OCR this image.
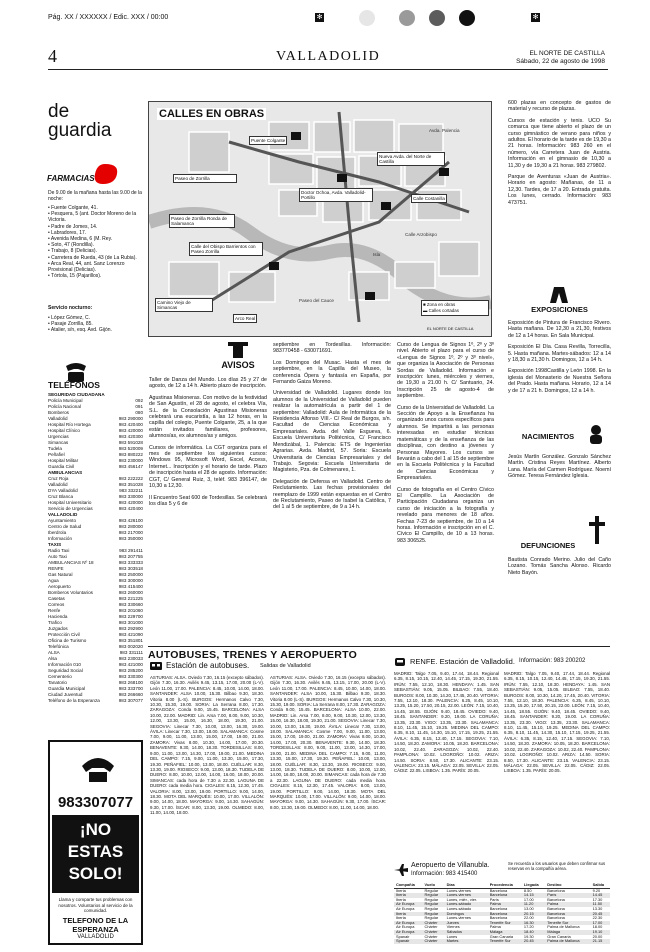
Pág. XX / XXXXXX / Edic. XXX / 00:00	✻	✻
4	VALLADOLID	EL NORTE DE CASTILLA
Sábado, 22 de agosto de 1998
de
guardia
FARMACIAS
De 9.00 de la mañana hasta las 9.00 de la noche:
• Fuente Colgante, 41.
• Pesquera, 5 (ant. Doctor Moreno de la Victoria.
• Padre de Jomes, 14.
• Labradores, 17.
• Avenida Medina, 6 (M. Rey.
• Soto, 47 (Rondilla).
• Trabajo, 8 (Delicias).
• Carretera de Rueda, 43 (de La Rubia).
• Arca Real, 44, ant. Sanz Lorenzo Provisional (Delicias).
• Tórtola, 15 (Pajarillos).
Servicio nocturno:
• López Gómez, C.
• Pasaje Zorrilla, 85.
• Atalier, s/n, esq. Avd. Gijón.
TELÉFONOS
SEGURIDAD CIUDADANA
Policía Municipal	092
Policía Nacional	091
Bomberos	080
Valladolid	983 290000
Hospital Río Hortega	983 420400
Hospital Clínico	983 420000
Urgencias	983 420300
Simancas	983 591028
Tudela	983 520009
Peñafiel	983 880222
Hospital Militar	983 230000
Guardia Civil	983 456147
AMBULANCIAS
Cruz Roja	983 222222
Valladolid	983 351028
DYA Valladolid	983 332211
Cruz Blanca	983 330000
Hospital Universitario	983 420000
Servicio de Urgencias	983 420400
VALLADOLID
Ayuntamiento	983 426100
Centro de Salud	983 280000
Iberdrola	983 217000
Información	983 350000
TAXIS
Radio Taxi	983 291411
Auto Taxi	983 207755
AMBULANCIAS Nº 18	983 333333
RENFE	983 303518
Gas Natural	983 250000
Agua	983 300000
Aeropuerto	983 415400
Bomberos Voluntarios	983 260000
Casetas	983 221225
Correos	983 330660
Renfe	983 201060
Hacienda	983 229700
Trafico	983 301000
Juzgados	983 292900
Protección Civil	983 421090
Oficina de Turismo	983 351801
Telefónica	983 002020
ALSA	983 331111
Alsa	983 230033
Información 010	983 421000
Seguridad Social	983 285200
Cementerio	983 330300
Tanatorio	983 268100
Guardia Municipal	983 333700
Ciudad Juventud	983 266660
Teléfono de la Esperanza	983 307077
983307077
¡NO
ESTAS
SOLO!
Llama y comparte tus problemas con nosotros. Voluntarios al servicio de la comunidad.
TELEFONO DE LA ESPERANZA
VALLADOLID
CALLES EN OBRAS
Puente Colgante
Paseo de Zorrilla
Doctor Ochoa, Avda. Valladolid-Portillo
Paseo de Zorrilla Ronda de Salamanca
Nueva Avda. del Norte de Castilla
Calle del Obispo Barrientos con Paseo Zorrilla
Calle Costanilla
Arco Real
Camino Viejo de Simancas
Isla
Paseo del Cauce
Avda. Palencia
Calle Arzobispo
■ Zona en obras
▬ Calles cortadas
EL NORTE DE CASTILLA
AVISOS

Taller de Danza del Mundo. Los días 25 y 27 de agosto, de 12 a 14 h. Abierto plazo de inscripción.

Agustinas Misioneras. Con motivo de la festividad de San Agustín, el 28 de agosto, el celebra Vía, S.L. de la Consolación Agustinas Misioneras celebrará una eucaristía, a las 12 horas, en la capilla del colegio, Puente Colgante, 25, a la que están invitados familiares, profesores, alumnos/as, ex alumnos/as y amigos.

Cursos de informática. La CGT organiza para el mes de septiembre los siguientes cursos: Windows 95, Microsoft Word, Excel, Access, Internet... Inscripción y el horario de tarde. Plazo de inscripción hasta el 28 de agosto. Información: CGT, C/ General Ruiz, 3, teléf. 983 396147, de 10,30 a 12,30.

II Encuentro Seat 600 de Tordesillas. Se celebrará los días 5 y 6 de

septiembre en Tordesillas. Información: 983770458 - 630071691.

Los Domingos del Musac. Hasta el mes de septiembre, en la Capilla del Museo, la conferencia Ópera y fantasía en España, por Fernando Gaiza Moreno.

Universidad de Valladolid. Lugares donde los alumnos de la Universidad de Valladolid pueden realizar la automatrícula a partir del 1 de septiembre: Valladolid: Aula de Informática de la Residencia Alfonso VIII.- C/ Real de Burgos, s/n. Facultad de Ciencias Económicas y Empresariales. Avda. del Valle Esgueva, 6. Escuela Universitaria Politécnica, C/ Francisco Mendizábal, 1. Palencia: ETS de Ingenierías Agrarias. Avda. Madrid, 57. Soria: Escuela Universitaria de Ciencias Empresariales y del Trabajo. Segovia: Escuela Universitaria de Magisterio, Pza. de Colmenares, 1.

Delegación de Defensa en Valladolid. Centro de Reclutamiento. Las fechas provisionales del reemplazo de 1999 están expuestas en el Centro de Reclutamiento, Paseo de Isabel la Católica, 7 del 1 al 5 de septiembre, de 9 a 14 h.

Curso de Lengua de Signos 1º, 2º y 3º nivel. Abierto el plazo para el curso de «Lengua de Signos 1º, 2º y 3º nivel», que organiza la Asociación de Personas Sordas de Valladolid. Información e inscripción: lunes, miércoles y viernes, de 19,30 a 21.00 h. C/ Santuario, 24. Inscripción 25 de agosto-4 de septiembre.

Curso de la Universidad de Valladolid. La Sección de Apoyo a la Enseñanza ha organizado unos cursos específicos para alumnos. Se impartirá a las personas interesadas en estudiar técnicas matemáticas y de la enseñanza de las disciplinas, con destino a jóvenes y Personas Mayores. Los cursos se llevarán a cabo del 1 al 15 de septiembre en la Escuela Politécnica y la Facultad de Ciencias Económicas y Empresariales.

Curso de fotografía en el Centro Cívico El Campillo. La Asociación de Participación Ciudadana organiza un curso de iniciación a la fotografía y revelado para menores de 18 años. Fechas 7-23 de septiembre, de 10 a 14 horas. Información e inscripción en el C. Cívico El Campillo, de 10 a 13 horas. 983 306525.

600 plazas en concepto de gastos de material y recurso de plazas.

Cursos de estación y tenis. UCO Su comarca que tiene abierto el plazo de un curso gimnástico de verano para niños y adultos. El horario de la tarde es de 19,30 a 21 horas. Información: 983 260 en el número, vía Carretera Juan de Austria. Información en el gimnasio de 10,30 a 11,30 y de 19,30 a 21 horas. 983 279802.

Parque de Aventuras «Juan de Austria». Horario en agosto: Mañanas, de 11 a 12,30. Tardes, de 17 a 20. Entrada gratuita. Los lunes, cerrado. Información: 983 473751.

EXPOSICIONES

Exposición de Pintura de Francisco Rivero. Hasta mañana. De 12,30 a 21,30, festivos de 12 a 14 horas. En Sala Municipal.

Exposición El Día. Casa Revilla, Torrecilla, 5. Hasta mañana. Martes-sábados: 12 a 14 y 18,30 a 21,30 h. Domingos, 12 a 14 h.

Exposición 1998Castilla y León 1998. En la iglesia del Monasterio de Nuestra Señora del Prado. Hasta mañana. Horario, 12 a 14 y de 17 a 21 h. Domingos, 12 a 14 h.

NACIMIENTOS
Jesús Martín González. Gonzalo Sánchez Martín. Cristina Reyes Martínez. Alberto Lana. María del Carmen Rodríguez. Noemí Gómez. Teresa Fernández Iglesia.
DEFUNCIONES
Bautista Conrado Merino. Julio del Caño Lozano. Tomás Sancha Alonso. Ricardo Nieto Bayón.
AUTOBUSES, TRENES Y AEROPUERTO
Estación de autobuses. Salidas de Valladolid
ASTURIAS: ALSA. Oviedo 7.30, 16.15 (excepto sábados). Gijón 7.30, 16.30. Avilés 9.45, 13.15, 17.00, 20.00 (L-V). León 11.00, 17.00. PALENCIA: 8.45, 10.00, 14.00, 18.00. SANTANDER: ALSA 10.00, 15.30. Bilbao 9.30, 18.30. Vitoria 8.00 (L-S). BURGOS: Hermanos Calvo 7.30, 10.30, 15.30, 19.00. SORIA: La Serrana 8.00, 17.30. ZARAGOZA: Conda 9.00, 15.45. BARCELONA: ALSA 10.00, 22.00. MADRID: Lin. Arsa 7.00, 8.00, 9.00, 10.30, 12.00, 13.30, 15.00, 16.30, 18.00, 19.30, 21.00. SEGOVIA: Linecar 7.30, 10.00, 13.00, 16.30, 19.00. ÁVILA: Linecar 7.30, 13.00, 18.00. SALAMANCA: Cosme 7.00, 9.00, 11.00, 13.00, 15.00, 17.00, 19.00, 21.00. ZAMORA: Vivas 8.00, 10.30, 14.00, 17.00, 20.30. BENAVENTE: 9.30, 14.00, 18.30. TORDESILLAS: 8.00, 9.00, 11.00, 13.00, 14.30, 17.00, 19.00, 21.00. MEDINA DEL CAMPO: 7.15, 9.00, 11.00, 13.30, 15.00, 17.30, 19.30. PEÑAFIEL: 10.00, 13.00, 18.00. CUÉLLAR: 8.30, 13.30, 19.00. RIOSECO: 9.00, 13.00, 18.30. TUDELA DE DUERO: 8.00, 10.00, 12.00, 14.00, 16.00, 18.00, 20.00. SIMANCAS: cada hora de 7.30 a 22.30. LAGUNA DE DUERO: cada media hora. CIGALES: 8.15, 12.30, 17.45. VALORIA: 8.00, 13.00, 19.00. PORTILLO: 9.00, 14.00, 18.30. MOTA DEL MARQUÉS: 10.00, 17.00. VILLALÓN: 9.00, 14.00, 18.00. MAYORGA: 9.00, 14.30. SAHAGÚN: 9.30, 17.00. ÍSCAR: 8.00, 13.30, 19.00. OLMEDO: 8.00, 11.00, 14.00, 18.00.
ASTURIAS: ALSA. Oviedo 7.30, 16.15 (excepto sábados). Gijón 7.30, 16.30. Avilés 9.45, 13.15, 17.00, 20.00 (L-V). León 11.00, 17.00. PALENCIA: 8.45, 10.00, 14.00, 18.00. SANTANDER: ALSA 10.00, 15.30. Bilbao 9.30, 18.30. Vitoria 8.00 (L-S). BURGOS: Hermanos Calvo 7.30, 10.30, 15.30, 19.00. SORIA: La Serrana 8.00, 17.30. ZARAGOZA: Conda 9.00, 15.45. BARCELONA: ALSA 10.00, 22.00. MADRID: Lin. Arsa 7.00, 8.00, 9.00, 10.30, 12.00, 13.30, 15.00, 16.30, 18.00, 19.30, 21.00. SEGOVIA: Linecar 7.30, 10.00, 13.00, 16.30, 19.00. ÁVILA: Linecar 7.30, 13.00, 18.00. SALAMANCA: Cosme 7.00, 9.00, 11.00, 13.00, 15.00, 17.00, 19.00, 21.00. ZAMORA: Vivas 8.00, 10.30, 14.00, 17.00, 20.30. BENAVENTE: 9.30, 14.00, 18.30. TORDESILLAS: 8.00, 9.00, 11.00, 13.00, 14.30, 17.00, 19.00, 21.00. MEDINA DEL CAMPO: 7.15, 9.00, 11.00, 13.30, 15.00, 17.30, 19.30. PEÑAFIEL: 10.00, 13.00, 18.00. CUÉLLAR: 8.30, 13.30, 19.00. RIOSECO: 9.00, 13.00, 18.30. TUDELA DE DUERO: 8.00, 10.00, 12.00, 14.00, 16.00, 18.00, 20.00. SIMANCAS: cada hora de 7.30 a 22.30. LAGUNA DE DUERO: cada media hora. CIGALES: 8.15, 12.30, 17.45. VALORIA: 8.00, 13.00, 19.00. PORTILLO: 9.00, 14.00, 18.30. MOTA DEL MARQUÉS: 10.00, 17.00. VILLALÓN: 9.00, 14.00, 18.00. MAYORGA: 9.00, 14.30. SAHAGÚN: 9.30, 17.00. ÍSCAR: 8.00, 13.30, 19.00. OLMEDO: 8.00, 11.00, 14.00, 18.00.
RENFE. Estación de Valladolid. Información: 983 200202
MADRID: Talgo 7.05, 9.40, 17.44, 18.44. Regional 6.35, 8.15, 10.15, 12.40, 14.45, 17.15, 19.30, 21.55. IRÚN: 7.55, 12.10, 18.30. HENDAYA: 1.45. SAN SEBASTIÁN: 9.05, 15.05. BILBAO: 7.55, 18.40. BURGOS: 8.00, 10.30, 14.20, 17.45, 20.40. VITORIA: 7.55, 12.10, 18.30. PALENCIA: 6.25, 8.45, 10.10, 13.25, 15.20, 17.50, 20.15, 22.00. LEÓN: 7.15, 10.40, 14.45, 18.55. GIJÓN: 9.40, 18.45. OVIEDO: 9.40, 18.45. SANTANDER: 9.20, 19.00. LA CORUÑA: 13.35, 23.30. VIGO: 13.35, 23.30. SALAMANCA: 8.10, 11.45, 15.10, 19.25. MEDINA DEL CAMPO: 6.35, 8.10, 11.45, 14.30, 15.10, 17.15, 19.25, 21.55. ÁVILA: 6.35, 8.15, 12.40, 17.15. SEGOVIA: 7.10, 14.50, 18.20. ZAMORA: 10.05, 18.20. BARCELONA: 10.02, 22.40. ZARAGOZA: 10.02, 22.40. PAMPLONA: 10.02. LOGROÑO: 10.02. ARIZA: 14.50. SORIA: 8.50, 17.30. ALICANTE: 23.15. VALENCIA: 23.15. MÁLAGA: 22.05. SEVILLA: 22.05. CÁDIZ: 22.05. LISBOA: 1.35. PARÍS: 20.05.
MADRID: Talgo 7.05, 9.40, 17.44, 18.44. Regional 6.35, 8.15, 10.15, 12.40, 14.45, 17.15, 19.30, 21.55. IRÚN: 7.55, 12.10, 18.30. HENDAYA: 1.45. SAN SEBASTIÁN: 9.05, 15.05. BILBAO: 7.55, 18.40. BURGOS: 8.00, 10.30, 14.20, 17.45, 20.40. VITORIA: 7.55, 12.10, 18.30. PALENCIA: 6.25, 8.45, 10.10, 13.25, 15.20, 17.50, 20.15, 22.00. LEÓN: 7.15, 10.40, 14.45, 18.55. GIJÓN: 9.40, 18.45. OVIEDO: 9.40, 18.45. SANTANDER: 9.20, 19.00. LA CORUÑA: 13.35, 23.30. VIGO: 13.35, 23.30. SALAMANCA: 8.10, 11.45, 15.10, 19.25. MEDINA DEL CAMPO: 6.35, 8.10, 11.45, 14.30, 15.10, 17.15, 19.25, 21.55. ÁVILA: 6.35, 8.15, 12.40, 17.15. SEGOVIA: 7.10, 14.50, 18.20. ZAMORA: 10.05, 18.20. BARCELONA: 10.02, 22.40. ZARAGOZA: 10.02, 22.40. PAMPLONA: 10.02. LOGROÑO: 10.02. ARIZA: 14.50. SORIA: 8.50, 17.30. ALICANTE: 23.15. VALENCIA: 23.15. MÁLAGA: 22.05. SEVILLA: 22.05. CÁDIZ: 22.05. LISBOA: 1.35. PARÍS: 20.05.
Aeropuerto de Villanubla.
Información: 983 415400
Se recuerda a los usuarios que deben confirmar sus reservas en la compañía aérea.
Compañía	Vuelo	Días	Procedencia	Llegada	Destino	Salida
Iberia	Regular	Lunes-viernes	Barcelona	8.50	Barcelona	9.20
Iberia	Regular	Lunes-viernes	Barcelona	14.15	París	14.45
Iberia	Regular	Lunes, miér., vier.	París	17.00	Barcelona	17.30
Air Europa	Regular	Lunes-sábado	Palma	11.20	Palma	11.50
Air Europa	Regular	Lunes-sábado	Barcelona	13.00	Barcelona	13.30
Iberia	Regular	Domingos	Barcelona	20.15	Barcelona	20.45
Iberia	Regular	Lunes-viernes	Barcelona	22.00	Barcelona	22.30
Air Europa	Chárter	Jueves	Tenerife Sur	16.30	Tenerife Sur	17.00
Air Europa	Chárter	Viernes	Palma	17.20	Palma de Mallorca	18.00
Air Europa	Chárter	Sábados	Málaga	18.40	Málaga	19.10
Spanair	Chárter	Lunes	Gran Canaria	19.30	Gran Canaria	20.00
Spanair	Chárter	Martes	Tenerife Sur	20.45	Palma de Mallorca	21.15
